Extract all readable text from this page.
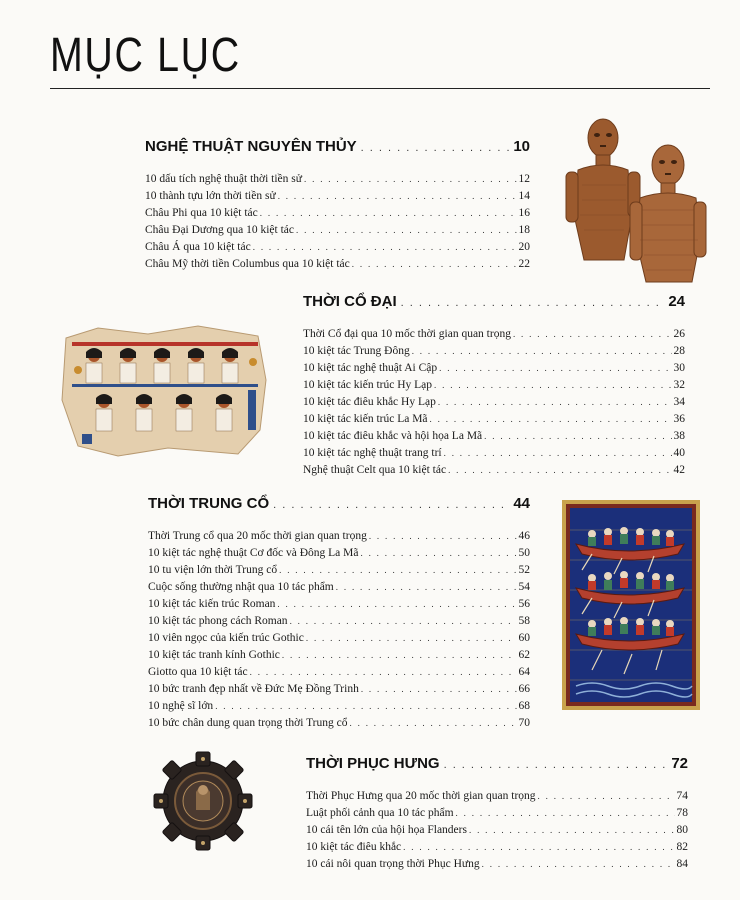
MỤC LỤC
NGHỆ THUẬT NGUYÊN THỦY . . .	10
10 dấu tích nghệ thuật thời tiền sử . . .	12
10 thành tựu lớn thời tiền sử . . .	14
Châu Phi qua 10 kiệt tác . . .	16
Châu Đại Dương qua 10 kiệt tác . . .	18
Châu Á qua 10 kiệt tác . . .	20
Châu Mỹ thời tiền Columbus qua 10 kiệt tác . . .	22
THỜI CỔ ĐẠI . . .	24
Thời Cổ đại qua 10 mốc thời gian quan trọng . . .	26
10 kiệt tác Trung Đông . . .	28
10 kiệt tác nghệ thuật Ai Cập . . .	30
10 kiệt tác kiến trúc Hy Lạp . . .	32
10 kiệt tác điêu khắc Hy Lạp . . .	34
10 kiệt tác kiến trúc La Mã . . .	36
10 kiệt tác điêu khắc và hội họa La Mã . . .	38
10 kiệt tác nghệ thuật trang trí . . .	40
Nghệ thuật Celt qua 10 kiệt tác . . .	42
THỜI TRUNG CỔ . . .	44
Thời Trung cổ qua 20 mốc thời gian quan trọng . . .	46
10 kiệt tác nghệ thuật Cơ đốc và Đông La Mã . . .	50
10 tu viện lớn thời Trung cổ . . .	52
Cuộc sống thường nhật qua 10 tác phẩm . . .	54
10 kiệt tác kiến trúc Roman . . .	56
10 kiệt tác phong cách Roman . . .	58
10 viên ngọc của kiến trúc Gothic . . .	60
10 kiệt tác tranh kính Gothic . . .	62
Giotto qua 10 kiệt tác . . .	64
10 bức tranh đẹp nhất về Đức Mẹ Đồng Trinh . . .	66
10 nghệ sĩ lớn . . .	68
10 bức chân dung quan trọng thời Trung cổ . . .	70
THỜI PHỤC HƯNG . . .	72
Thời Phục Hưng qua 20 mốc thời gian quan trọng . . .	74
Luật phối cảnh qua 10 tác phẩm . . .	78
10 cái tên lớn của hội họa Flanders . . .	80
10 kiệt tác điêu khắc . . .	82
10 cái nôi quan trọng thời Phục Hưng . . .	84
